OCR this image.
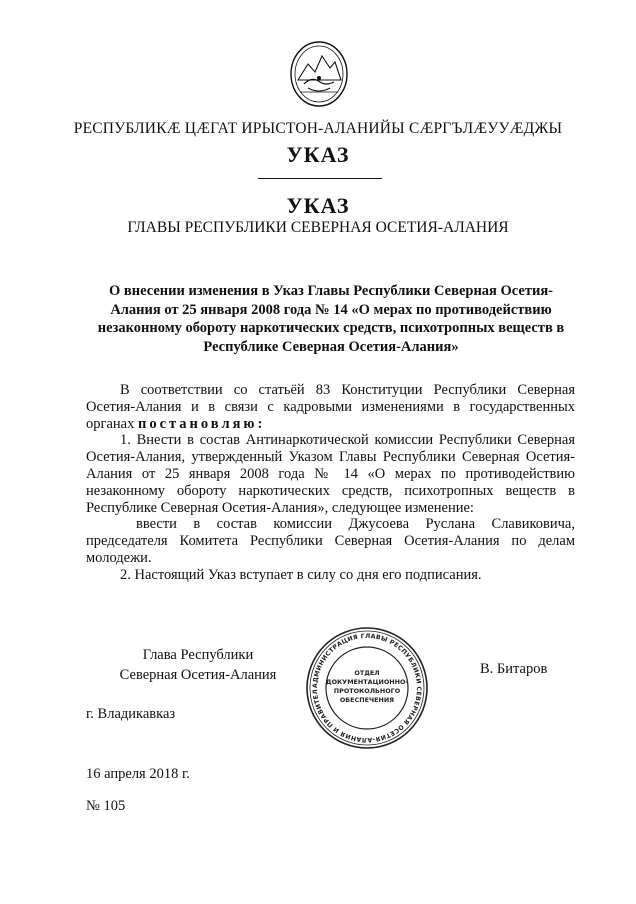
РЕСПУБЛИКӔ ЦӔГАТ ИРЫСТОН-АЛАНИЙЫ СӔРГЪЛӔУУӔДЖЫ
УКАЗ
УКАЗ
ГЛАВЫ РЕСПУБЛИКИ СЕВЕРНАЯ ОСЕТИЯ-АЛАНИЯ
О внесении изменения в Указ Главы Республики Северная Осетия-Алания от 25 января 2008 года № 14 «О мерах по противодействию незаконному обороту наркотических средств, психотропных веществ в Республике Северная Осетия-Алания»

В соответствии со статьёй 83 Конституции Республики Северная Осетия-Алания и в связи с кадровыми изменениями в государственных органах постановляю:

1. Внести в состав Антинаркотической комиссии Республики Северная Осетия-Алания, утвержденный Указом Главы Республики Северная Осетия-Алания от 25 января 2008 года № 14 «О мерах по противодействию незаконному обороту наркотических средств, психотропных веществ в Республике Северная Осетия-Алания», следующее изменение:

ввести в состав комиссии Джусоева Руслана Славиковича, председателя Комитета Республики Северная Осетия-Алания по делам молодежи.

2. Настоящий Указ вступает в силу со дня его подписания.

Глава Республики
Северная Осетия-Алания
АДМИНИСТРАЦИЯ ГЛАВЫ РЕСПУБЛИКИ СЕВЕРНАЯ ОСЕТИЯ-АЛАНИЯ И ПРАВИТЕЛ
ОТДЕЛ
ДОКУМЕНТАЦИОННО-
ПРОТОКОЛЬНОГО
ОБЕСПЕЧЕНИЯ
В. Битаров
г. Владикавказ
16 апреля 2018 г.
№ 105
